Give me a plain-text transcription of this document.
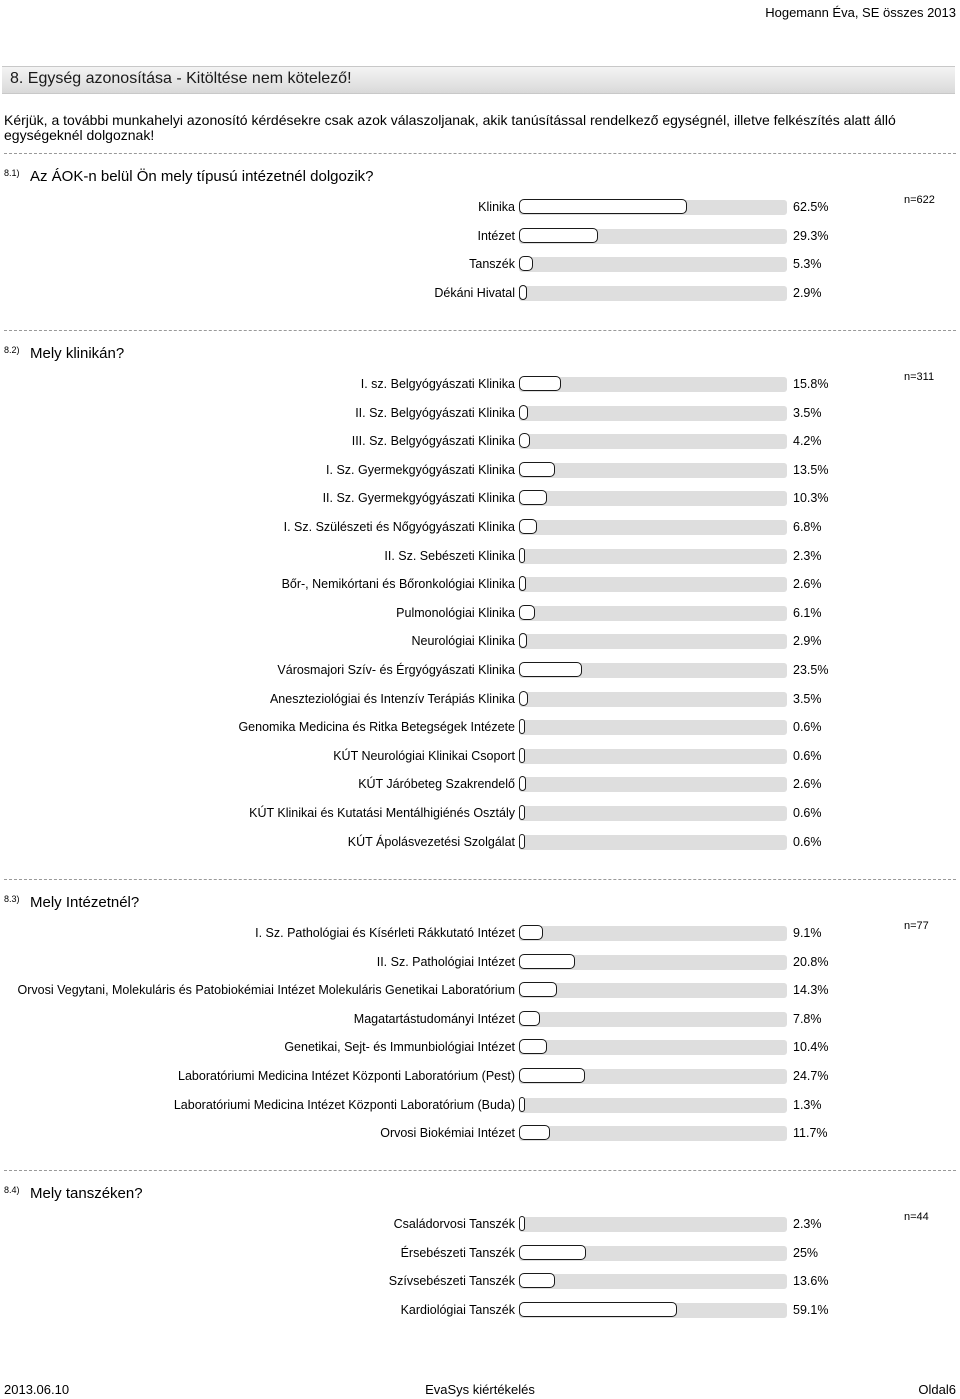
Hogemann Éva, SE összes 2013
8. Egység azonosítása - Kitöltése nem kötelező!
Kérjük, a további munkahelyi azonosító kérdésekre csak azok válaszoljanak, akik tanúsítással rendelkező egységnél, illetve felkészítés alatt álló egységeknél dolgoznak!
8.1) Az ÁOK-n belül Ön mely típusú intézetnél dolgozik?
n=622
Klinika	62.5%
Intézet	29.3%
Tanszék	5.3%
Dékáni Hivatal	2.9%
8.2) Mely klinikán?
n=311
I. sz. Belgyógyászati Klinika	15.8%
II. Sz. Belgyógyászati Klinika	3.5%
III. Sz. Belgyógyászati Klinika	4.2%
I. Sz. Gyermekgyógyászati Klinika	13.5%
II. Sz. Gyermekgyógyászati Klinika	10.3%
I. Sz. Szülészeti és Nőgyógyászati Klinika	6.8%
II. Sz. Sebészeti Klinika	2.3%
Bőr-, Nemikórtani és Bőronkológiai Klinika	2.6%
Pulmonológiai Klinika	6.1%
Neurológiai Klinika	2.9%
Városmajori Szív- és Érgyógyászati Klinika	23.5%
Aneszteziológiai és Intenzív Terápiás Klinika	3.5%
Genomika Medicina és Ritka Betegségek Intézete	0.6%
KÚT Neurológiai Klinikai Csoport	0.6%
KÚT Járóbeteg Szakrendelő	2.6%
KÚT Klinikai és Kutatási Mentálhigiénés Osztály	0.6%
KÚT Ápolásvezetési Szolgálat	0.6%
8.3) Mely Intézetnél?
n=77
I. Sz. Pathológiai és Kísérleti Rákkutató Intézet	9.1%
II. Sz. Pathológiai Intézet	20.8%
Orvosi Vegytani, Molekuláris és Patobiokémiai Intézet Molekuláris Genetikai Laboratórium	14.3%
Magatartástudományi Intézet	7.8%
Genetikai, Sejt- és Immunbiológiai Intézet	10.4%
Laboratóriumi Medicina Intézet Központi Laboratórium (Pest)	24.7%
Laboratóriumi Medicina Intézet Központi Laboratórium (Buda)	1.3%
Orvosi Biokémiai Intézet	11.7%
8.4) Mely tanszéken?
n=44
Családorvosi Tanszék	2.3%
Érsebészeti Tanszék	25%
Szívsebészeti Tanszék	13.6%
Kardiológiai Tanszék	59.1%
2013.06.10	EvaSys kiértékelés	Oldal6
